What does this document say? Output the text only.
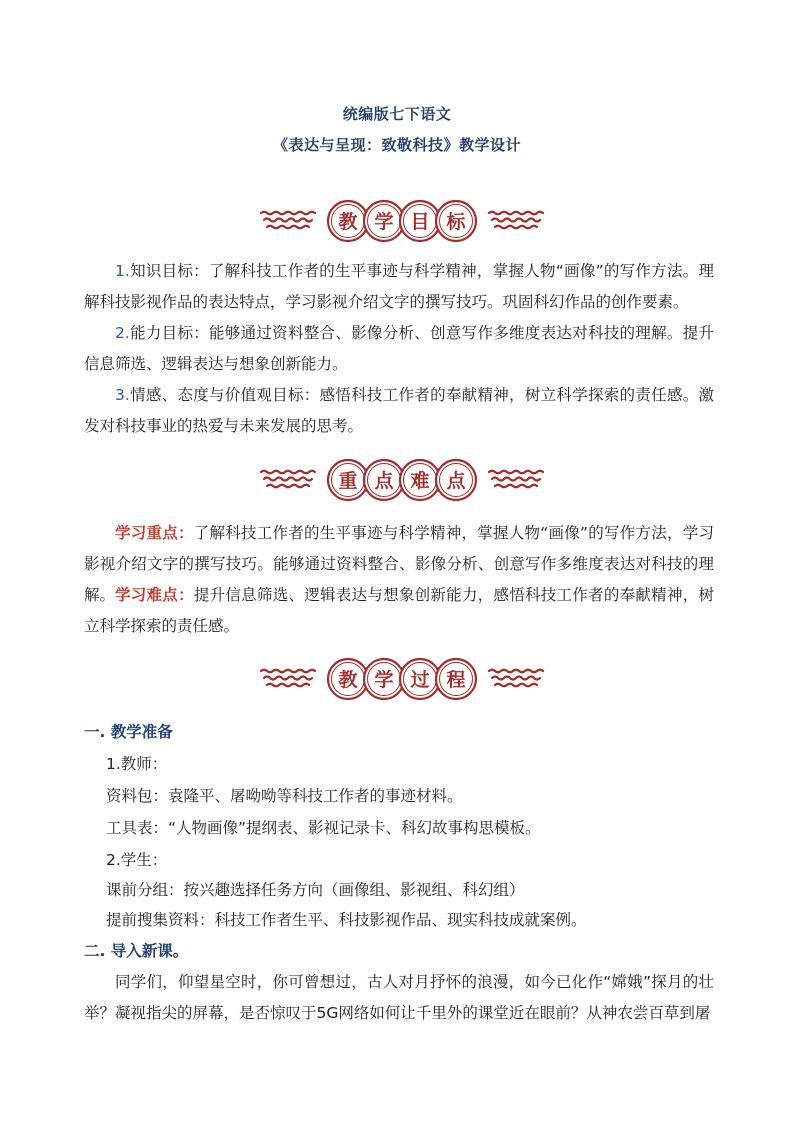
统编版七下语文
《表达与呈现：致敬科技》教学设计
教 学 目 标

1.知识目标：了解科技工作者的生平事迹与科学精神，掌握人物“画像”的写作方法。理解科技影视作品的表达特点，学习影视介绍文字的撰写技巧。巩固科幻作品的创作要素。

2.能力目标：能够通过资料整合、影像分析、创意写作多维度表达对科技的理解。提升信息筛选、逻辑表达与想象创新能力。

3.情感、态度与价值观目标：感悟科技工作者的奉献精神，树立科学探索的责任感。激发对科技事业的热爱与未来发展的思考。

重 点 难 点

学习重点：了解科技工作者的生平事迹与科学精神，掌握人物“画像”的写作方法，学习影视介绍文字的撰写技巧。能够通过资料整合、影像分析、创意写作多维度表达对科技的理解。 学习难点：提升信息筛选、逻辑表达与想象创新能力，感悟科技工作者的奉献精神，树立科学探索的责任感。

教 学 过 程

一. 教学准备

1.教师：

资料包：袁隆平、屠呦呦等科技工作者的事迹材料。

工具表：“人物画像”提纲表、影视记录卡、科幻故事构思模板。

2.学生：

课前分组：按兴趣选择任务方向（画像组、影视组、科幻组）

提前搜集资料：科技工作者生平、科技影视作品、现实科技成就案例。

二. 导入新课。

同学们，仰望星空时，你可曾想过，古人对月抒怀的浪漫，如今已化作“嫦娥”探月的壮举？凝视指尖的屏幕，是否惊叹于5G网络如何让千里外的课堂近在眼前？从神农尝百草到屠
